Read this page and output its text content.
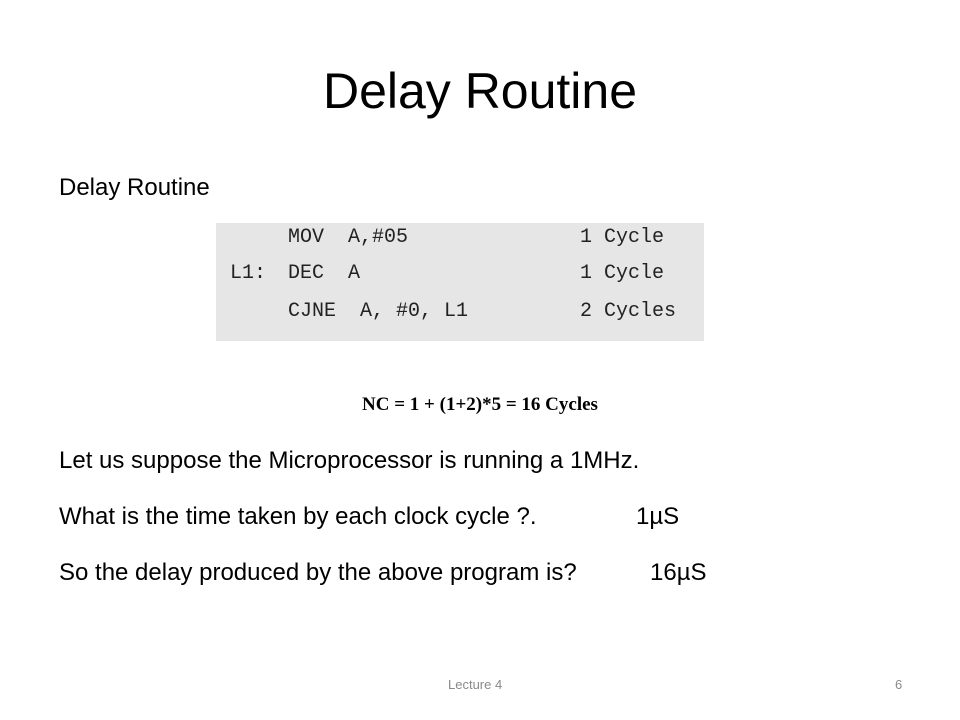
Delay Routine
Delay Routine
MOV  A,#05	1 Cycle
L1: DEC  A	1 Cycle
CJNE  A, #0, L1	2 Cycles
NC = 1 + (1+2)*5 = 16 Cycles
Let us suppose the Microprocessor is running a 1MHz.
What is the time taken by each clock cycle ?.	1µS
So the delay produced by the above program is?	16µS
Lecture 4	6
